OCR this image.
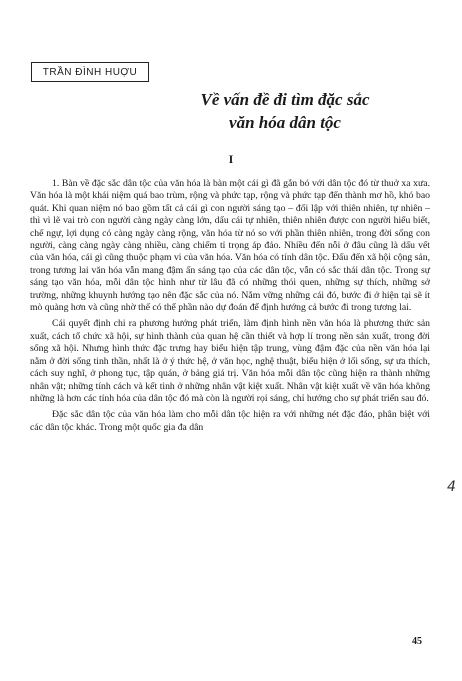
TRẦN ĐÌNH HUỢU
Về vấn đề đi tìm đặc sắc
văn hóa dân tộc
I

1. Bàn về đặc sắc dân tộc của văn hóa là bàn một cái gì đã gắn bó với dân tộc đó từ thuở xa xưa. Văn hóa là một khái niệm quá bao trùm, rộng và phức tạp, rộng và phức tạp đến thành mơ hồ, khó bao quát. Khi quan niệm nó bao gồm tất cả cái gì con người sáng tạo – đối lập với thiên nhiên, tự nhiên – thì vì lẽ vai trò con người càng ngày càng lớn, dấu cái tự nhiên, thiên nhiên được con người hiểu biết, chế ngự, lợi dụng có càng ngày càng rộng, văn hóa từ nó so với phần thiên nhiên, trong đời sống con người, càng càng ngày càng nhiều, càng chiếm tỉ trọng áp đảo. Nhiều đến nỗi ở đâu cũng là dấu vết của văn hóa, cái gì cũng thuộc phạm vi của văn hóa. Văn hóa có tính dân tộc. Đấu đến xã hội cộng sản, trong tương lai văn hóa vẫn mang đậm ấn sáng tạo của các dân tộc, vẫn có sắc thái dân tộc. Trong sự sáng tạo văn hóa, mỗi dân tộc hình như từ lâu đã có những thói quen, những sự thích, những sở trường, những khuynh hướng tạo nên đặc sắc của nó. Nắm vững những cái đó, bước đi ở hiện tại sẽ ít mò quàng hơn và cũng nhờ thế có thể phần nào dự đoán để định hướng cả bước đi trong tương lai.

Cái quyết định chi ra phương hướng phát triển, làm định hình nền văn hóa là phương thức sản xuất, cách tổ chức xã hội, sự hình thành của quan hệ cần thiết và hợp lí trong nền sản xuất, trong đời sống xã hội. Nhưng hình thức đặc trưng hay biểu hiện tập trung, vùng đậm đặc của nền văn hóa lại nằm ở đời sống tinh thần, nhất là ở ý thức hệ, ở văn học, nghệ thuật, biểu hiện ở lối sống, sự ưa thích, cách suy nghĩ, ở phong tục, tập quán, ở bảng giá trị. Văn hóa mỗi dân tộc cũng hiện ra thành những nhân vật; những tính cách và kết tinh ở những nhân vật kiệt xuất. Nhân vật kiệt xuất về văn hóa không những là hơn các tính hóa của dân tộc đó mà còn là người rọi sáng, chỉ hướng cho sự phát triển sau đó.

Đặc sắc dân tộc của văn hóa làm cho mỗi dân tộc hiện ra với những nét đặc đáo, phân biệt với các dân tộc khác. Trong một quốc gia đa dân

4
45
